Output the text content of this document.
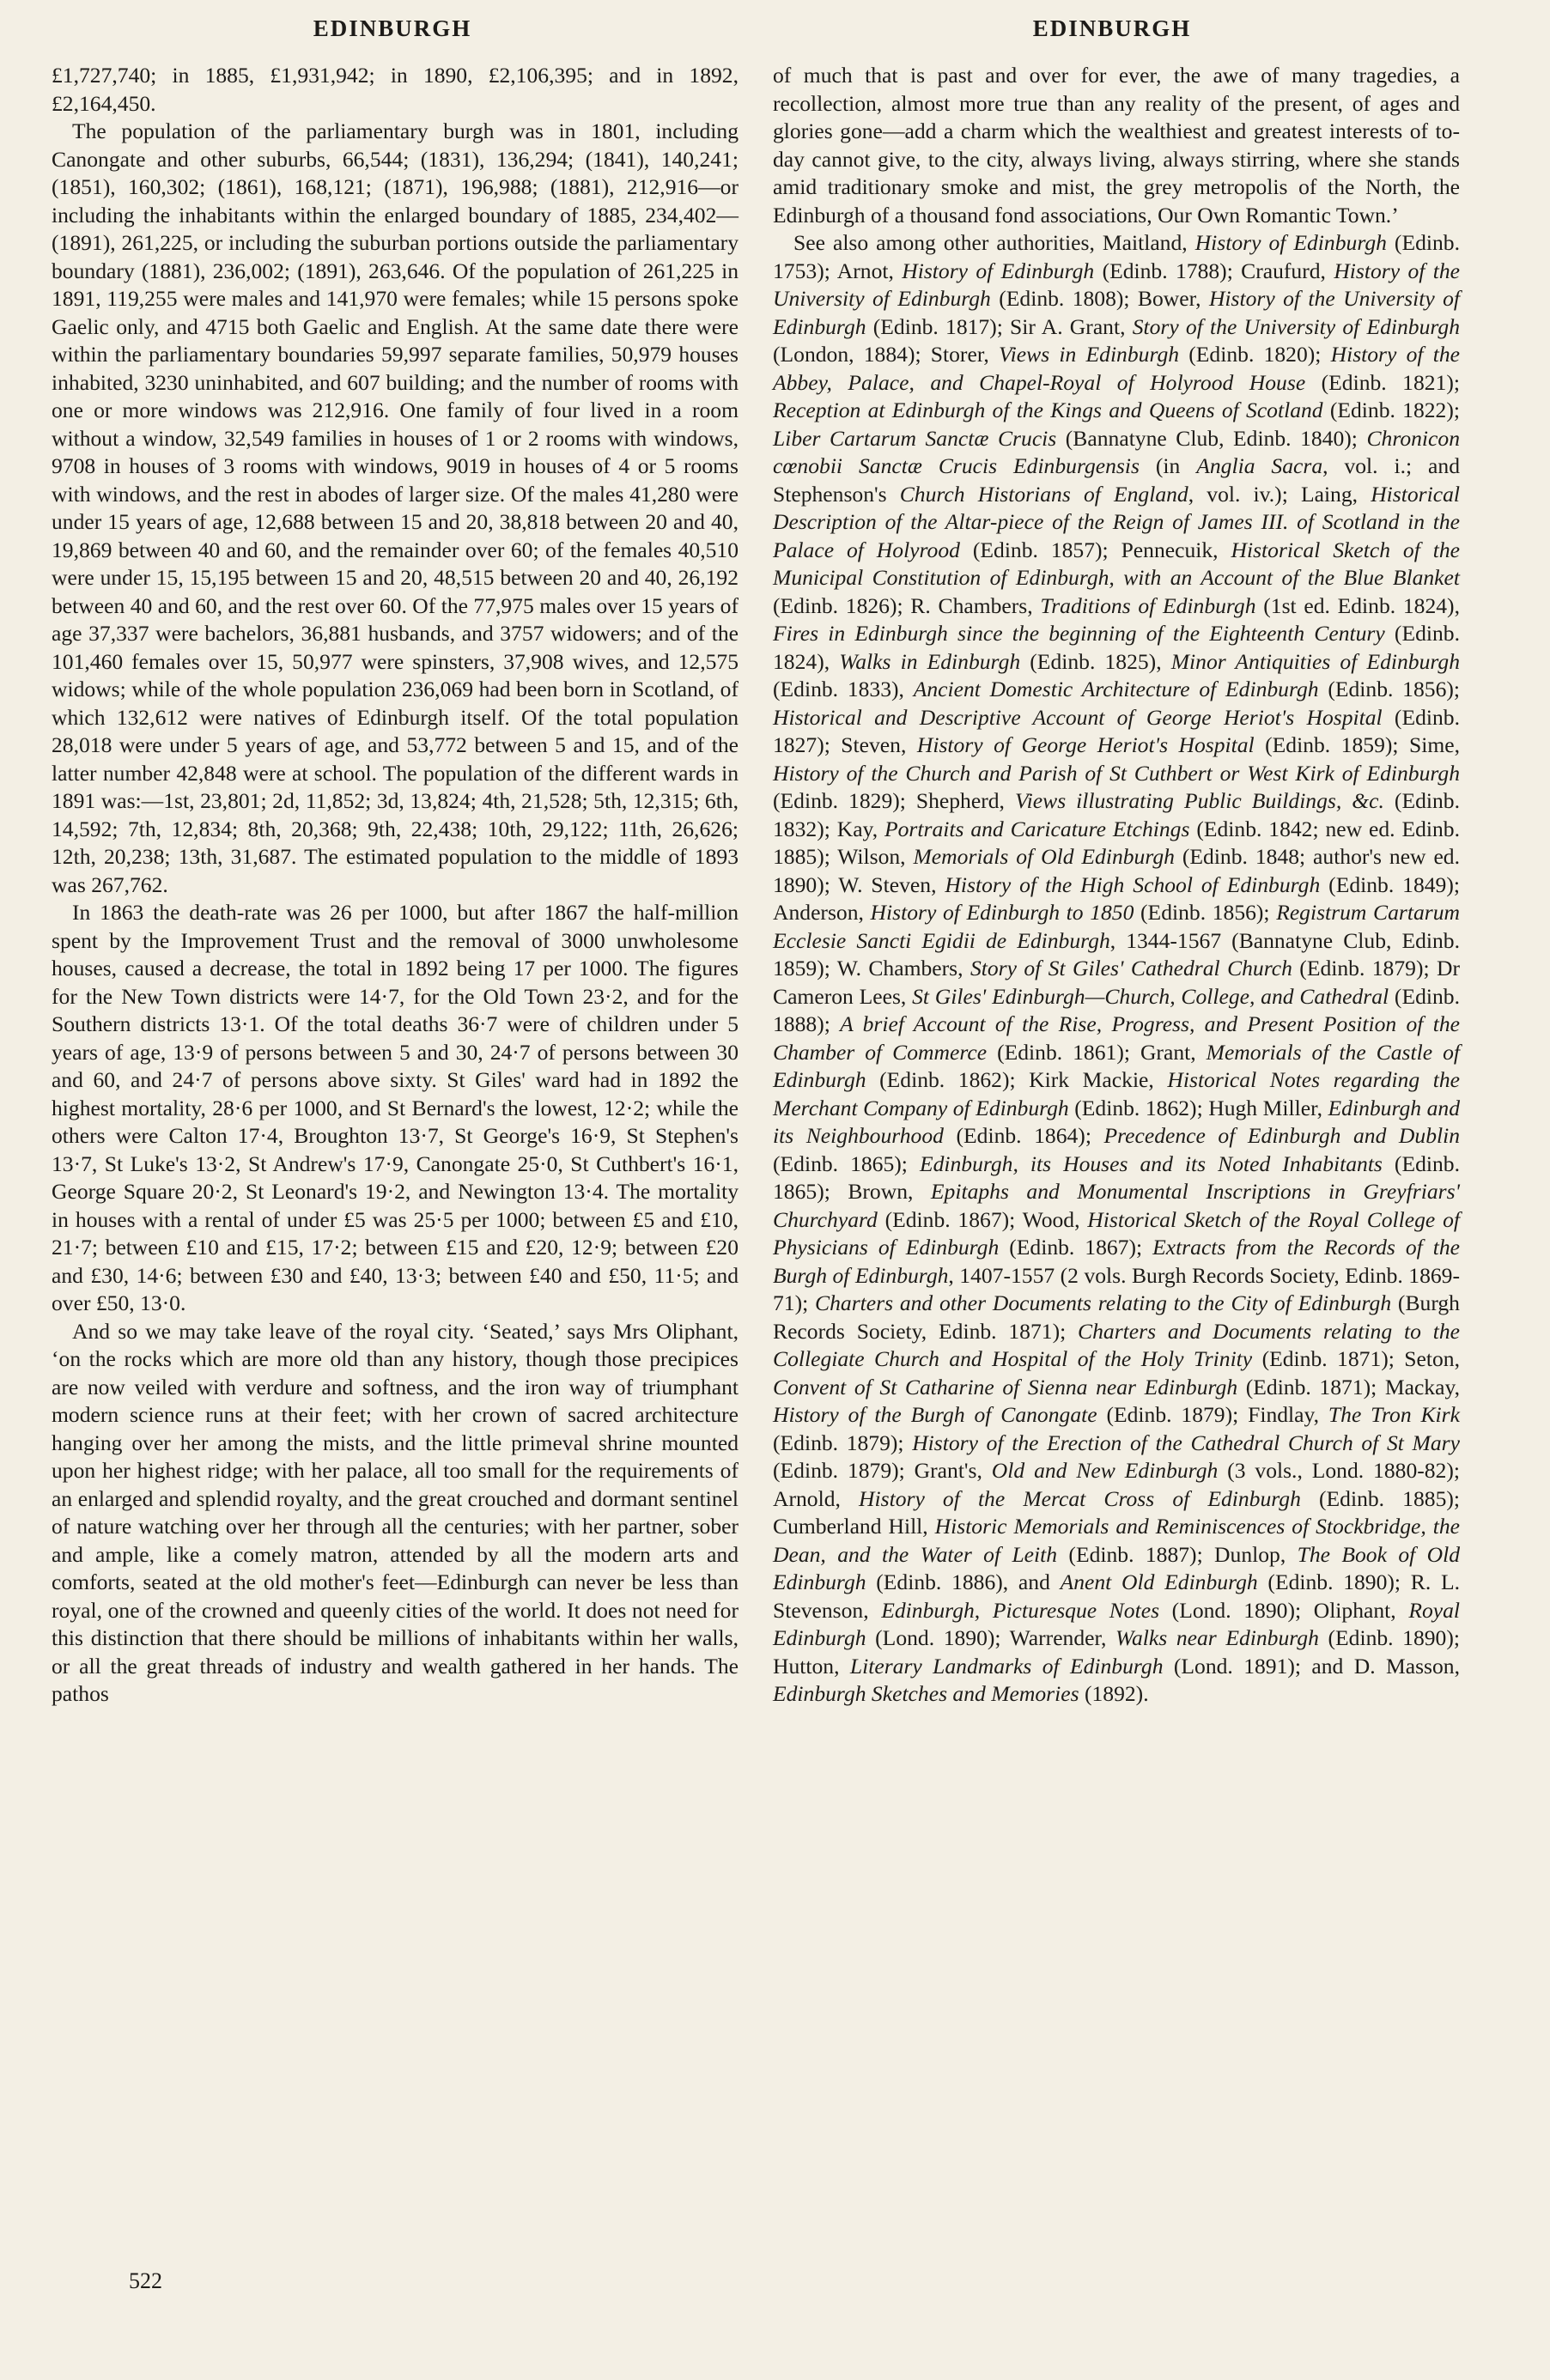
EDINBURGH	EDINBURGH

£1,727,740; in 1885, £1,931,942; in 1890, £2,106,395; and in 1892, £2,164,450.

The population of the parliamentary burgh was in 1801, including Canongate and other suburbs, 66,544; (1831), 136,294; (1841), 140,241; (1851), 160,302; (1861), 168,121; (1871), 196,988; (1881), 212,916—or including the inhabitants within the enlarged boundary of 1885, 234,402—(1891), 261,225, or including the suburban portions outside the parliamentary boundary (1881), 236,002; (1891), 263,646. Of the population of 261,225 in 1891, 119,255 were males and 141,970 were females; while 15 persons spoke Gaelic only, and 4715 both Gaelic and English. At the same date there were within the parliamentary boundaries 59,997 separate families, 50,979 houses inhabited, 3230 uninhabited, and 607 building; and the number of rooms with one or more windows was 212,916. One family of four lived in a room without a window, 32,549 families in houses of 1 or 2 rooms with windows, 9708 in houses of 3 rooms with windows, 9019 in houses of 4 or 5 rooms with windows, and the rest in abodes of larger size. Of the males 41,280 were under 15 years of age, 12,688 between 15 and 20, 38,818 between 20 and 40, 19,869 between 40 and 60, and the remainder over 60; of the females 40,510 were under 15, 15,195 between 15 and 20, 48,515 between 20 and 40, 26,192 between 40 and 60, and the rest over 60. Of the 77,975 males over 15 years of age 37,337 were bachelors, 36,881 husbands, and 3757 widowers; and of the 101,460 females over 15, 50,977 were spinsters, 37,908 wives, and 12,575 widows; while of the whole population 236,069 had been born in Scotland, of which 132,612 were natives of Edinburgh itself. Of the total population 28,018 were under 5 years of age, and 53,772 between 5 and 15, and of the latter number 42,848 were at school. The population of the different wards in 1891 was:—1st, 23,801; 2d, 11,852; 3d, 13,824; 4th, 21,528; 5th, 12,315; 6th, 14,592; 7th, 12,834; 8th, 20,368; 9th, 22,438; 10th, 29,122; 11th, 26,626; 12th, 20,238; 13th, 31,687. The estimated population to the middle of 1893 was 267,762.

In 1863 the death-rate was 26 per 1000, but after 1867 the half-million spent by the Improvement Trust and the removal of 3000 unwholesome houses, caused a decrease, the total in 1892 being 17 per 1000. The figures for the New Town districts were 14·7, for the Old Town 23·2, and for the Southern districts 13·1. Of the total deaths 36·7 were of children under 5 years of age, 13·9 of persons between 5 and 30, 24·7 of persons between 30 and 60, and 24·7 of persons above sixty. St Giles' ward had in 1892 the highest mortality, 28·6 per 1000, and St Bernard's the lowest, 12·2; while the others were Calton 17·4, Broughton 13·7, St George's 16·9, St Stephen's 13·7, St Luke's 13·2, St Andrew's 17·9, Canongate 25·0, St Cuthbert's 16·1, George Square 20·2, St Leonard's 19·2, and Newington 13·4. The mortality in houses with a rental of under £5 was 25·5 per 1000; between £5 and £10, 21·7; between £10 and £15, 17·2; between £15 and £20, 12·9; between £20 and £30, 14·6; between £30 and £40, 13·3; between £40 and £50, 11·5; and over £50, 13·0.

And so we may take leave of the royal city. ‘Seated,’ says Mrs Oliphant, ‘on the rocks which are more old than any history, though those precipices are now veiled with verdure and softness, and the iron way of triumphant modern science runs at their feet; with her crown of sacred architecture hanging over her among the mists, and the little primeval shrine mounted upon her highest ridge; with her palace, all too small for the requirements of an enlarged and splendid royalty, and the great crouched and dormant sentinel of nature watching over her through all the centuries; with her partner, sober and ample, like a comely matron, attended by all the modern arts and comforts, seated at the old mother's feet—Edinburgh can never be less than royal, one of the crowned and queenly cities of the world. It does not need for this distinction that there should be millions of inhabitants within her walls, or all the great threads of industry and wealth gathered in her hands. The pathos

of much that is past and over for ever, the awe of many tragedies, a recollection, almost more true than any reality of the present, of ages and glories gone—add a charm which the wealthiest and greatest interests of to-day cannot give, to the city, always living, always stirring, where she stands amid traditionary smoke and mist, the grey metropolis of the North, the Edinburgh of a thousand fond associations, Our Own Romantic Town.’

See also among other authorities, Maitland, History of Edinburgh (Edinb. 1753); Arnot, History of Edinburgh (Edinb. 1788); Craufurd, History of the University of Edinburgh (Edinb. 1808); Bower, History of the University of Edinburgh (Edinb. 1817); Sir A. Grant, Story of the University of Edinburgh (London, 1884); Storer, Views in Edinburgh (Edinb. 1820); History of the Abbey, Palace, and Chapel-Royal of Holyrood House (Edinb. 1821); Reception at Edinburgh of the Kings and Queens of Scotland (Edinb. 1822); Liber Cartarum Sanctæ Crucis (Bannatyne Club, Edinb. 1840); Chronicon cœnobii Sanctæ Crucis Edinburgensis (in Anglia Sacra, vol. i.; and Stephenson's Church Historians of England, vol. iv.); Laing, Historical Description of the Altar-piece of the Reign of James III. of Scotland in the Palace of Holyrood (Edinb. 1857); Pennecuik, Historical Sketch of the Municipal Constitution of Edinburgh, with an Account of the Blue Blanket (Edinb. 1826); R. Chambers, Traditions of Edinburgh (1st ed. Edinb. 1824), Fires in Edinburgh since the beginning of the Eighteenth Century (Edinb. 1824), Walks in Edinburgh (Edinb. 1825), Minor Antiquities of Edinburgh (Edinb. 1833), Ancient Domestic Architecture of Edinburgh (Edinb. 1856); Historical and Descriptive Account of George Heriot's Hospital (Edinb. 1827); Steven, History of George Heriot's Hospital (Edinb. 1859); Sime, History of the Church and Parish of St Cuthbert or West Kirk of Edinburgh (Edinb. 1829); Shepherd, Views illustrating Public Buildings, &c. (Edinb. 1832); Kay, Portraits and Caricature Etchings (Edinb. 1842; new ed. Edinb. 1885); Wilson, Memorials of Old Edinburgh (Edinb. 1848; author's new ed. 1890); W. Steven, History of the High School of Edinburgh (Edinb. 1849); Anderson, History of Edinburgh to 1850 (Edinb. 1856); Registrum Cartarum Ecclesie Sancti Egidii de Edinburgh, 1344-1567 (Bannatyne Club, Edinb. 1859); W. Chambers, Story of St Giles' Cathedral Church (Edinb. 1879); Dr Cameron Lees, St Giles' Edinburgh—Church, College, and Cathedral (Edinb. 1888); A brief Account of the Rise, Progress, and Present Position of the Chamber of Commerce (Edinb. 1861); Grant, Memorials of the Castle of Edinburgh (Edinb. 1862); Kirk Mackie, Historical Notes regarding the Merchant Company of Edinburgh (Edinb. 1862); Hugh Miller, Edinburgh and its Neighbourhood (Edinb. 1864); Precedence of Edinburgh and Dublin (Edinb. 1865); Edinburgh, its Houses and its Noted Inhabitants (Edinb. 1865); Brown, Epitaphs and Monumental Inscriptions in Greyfriars' Churchyard (Edinb. 1867); Wood, Historical Sketch of the Royal College of Physicians of Edinburgh (Edinb. 1867); Extracts from the Records of the Burgh of Edinburgh, 1407-1557 (2 vols. Burgh Records Society, Edinb. 1869-71); Charters and other Documents relating to the City of Edinburgh (Burgh Records Society, Edinb. 1871); Charters and Documents relating to the Collegiate Church and Hospital of the Holy Trinity (Edinb. 1871); Seton, Convent of St Catharine of Sienna near Edinburgh (Edinb. 1871); Mackay, History of the Burgh of Canongate (Edinb. 1879); Findlay, The Tron Kirk (Edinb. 1879); History of the Erection of the Cathedral Church of St Mary (Edinb. 1879); Grant's, Old and New Edinburgh (3 vols., Lond. 1880-82); Arnold, History of the Mercat Cross of Edinburgh (Edinb. 1885); Cumberland Hill, Historic Memorials and Reminiscences of Stockbridge, the Dean, and the Water of Leith (Edinb. 1887); Dunlop, The Book of Old Edinburgh (Edinb. 1886), and Anent Old Edinburgh (Edinb. 1890); R. L. Stevenson, Edinburgh, Picturesque Notes (Lond. 1890); Oliphant, Royal Edinburgh (Lond. 1890); Warrender, Walks near Edinburgh (Edinb. 1890); Hutton, Literary Landmarks of Edinburgh (Lond. 1891); and D. Masson, Edinburgh Sketches and Memories (1892).

522
